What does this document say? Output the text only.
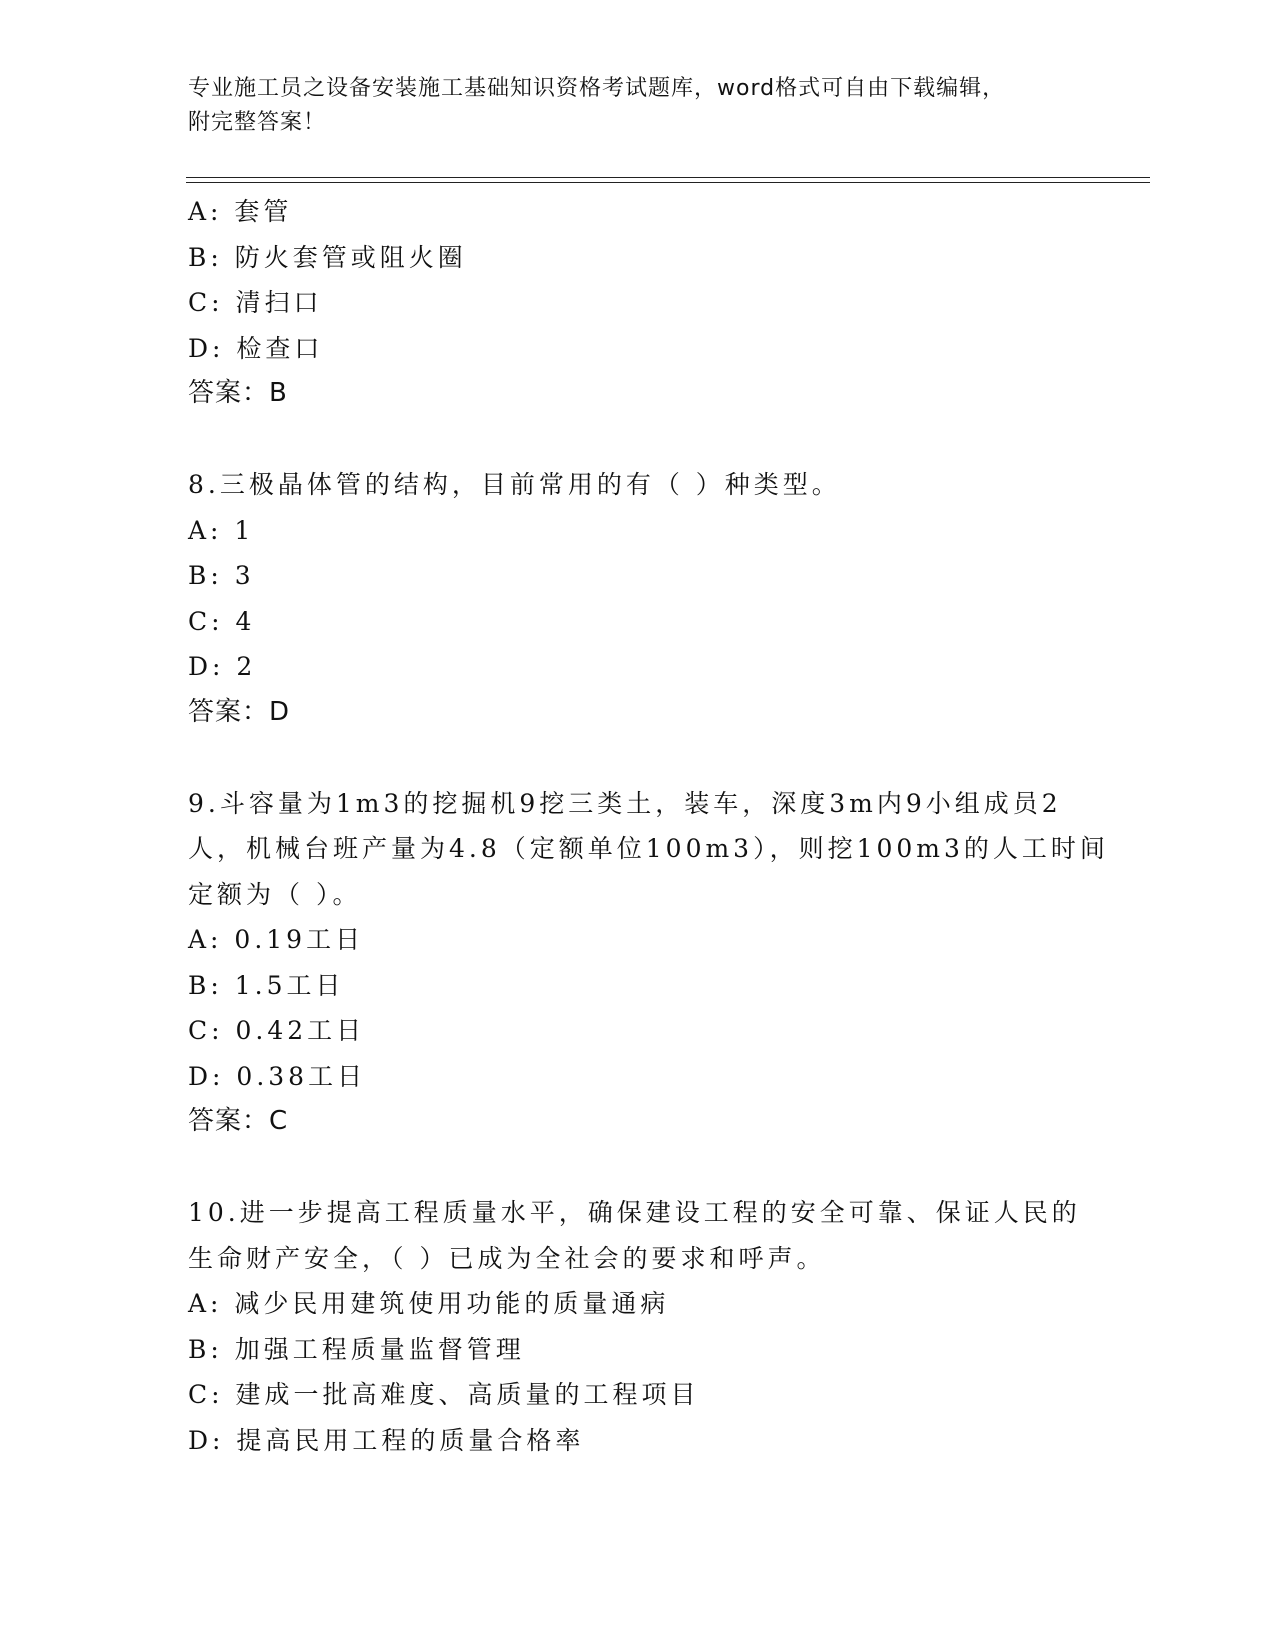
专业施工员之设备安装施工基础知识资格考试题库，word格式可自由下载编辑，
附完整答案！
A: 套管
B: 防火套管或阻火圈
C: 清扫口
D: 检查口
答案：B
8.三极晶体管的结构，目前常用的有（ ）种类型。
A: 1
B: 3
C: 4
D: 2
答案：D
9.斗容量为1m3的挖掘机9挖三类土，装车，深度3m内9小组成员2
人，机械台班产量为4.8（定额单位100m3），则挖100m3的人工时间
定额为（ ）。
A: 0.19工日
B: 1.5工日
C: 0.42工日
D: 0.38工日
答案：C
10.进一步提高工程质量水平，确保建设工程的安全可靠、保证人民的
生命财产安全，（ ）已成为全社会的要求和呼声。
A: 减少民用建筑使用功能的质量通病
B: 加强工程质量监督管理
C: 建成一批高难度、高质量的工程项目
D: 提高民用工程的质量合格率
